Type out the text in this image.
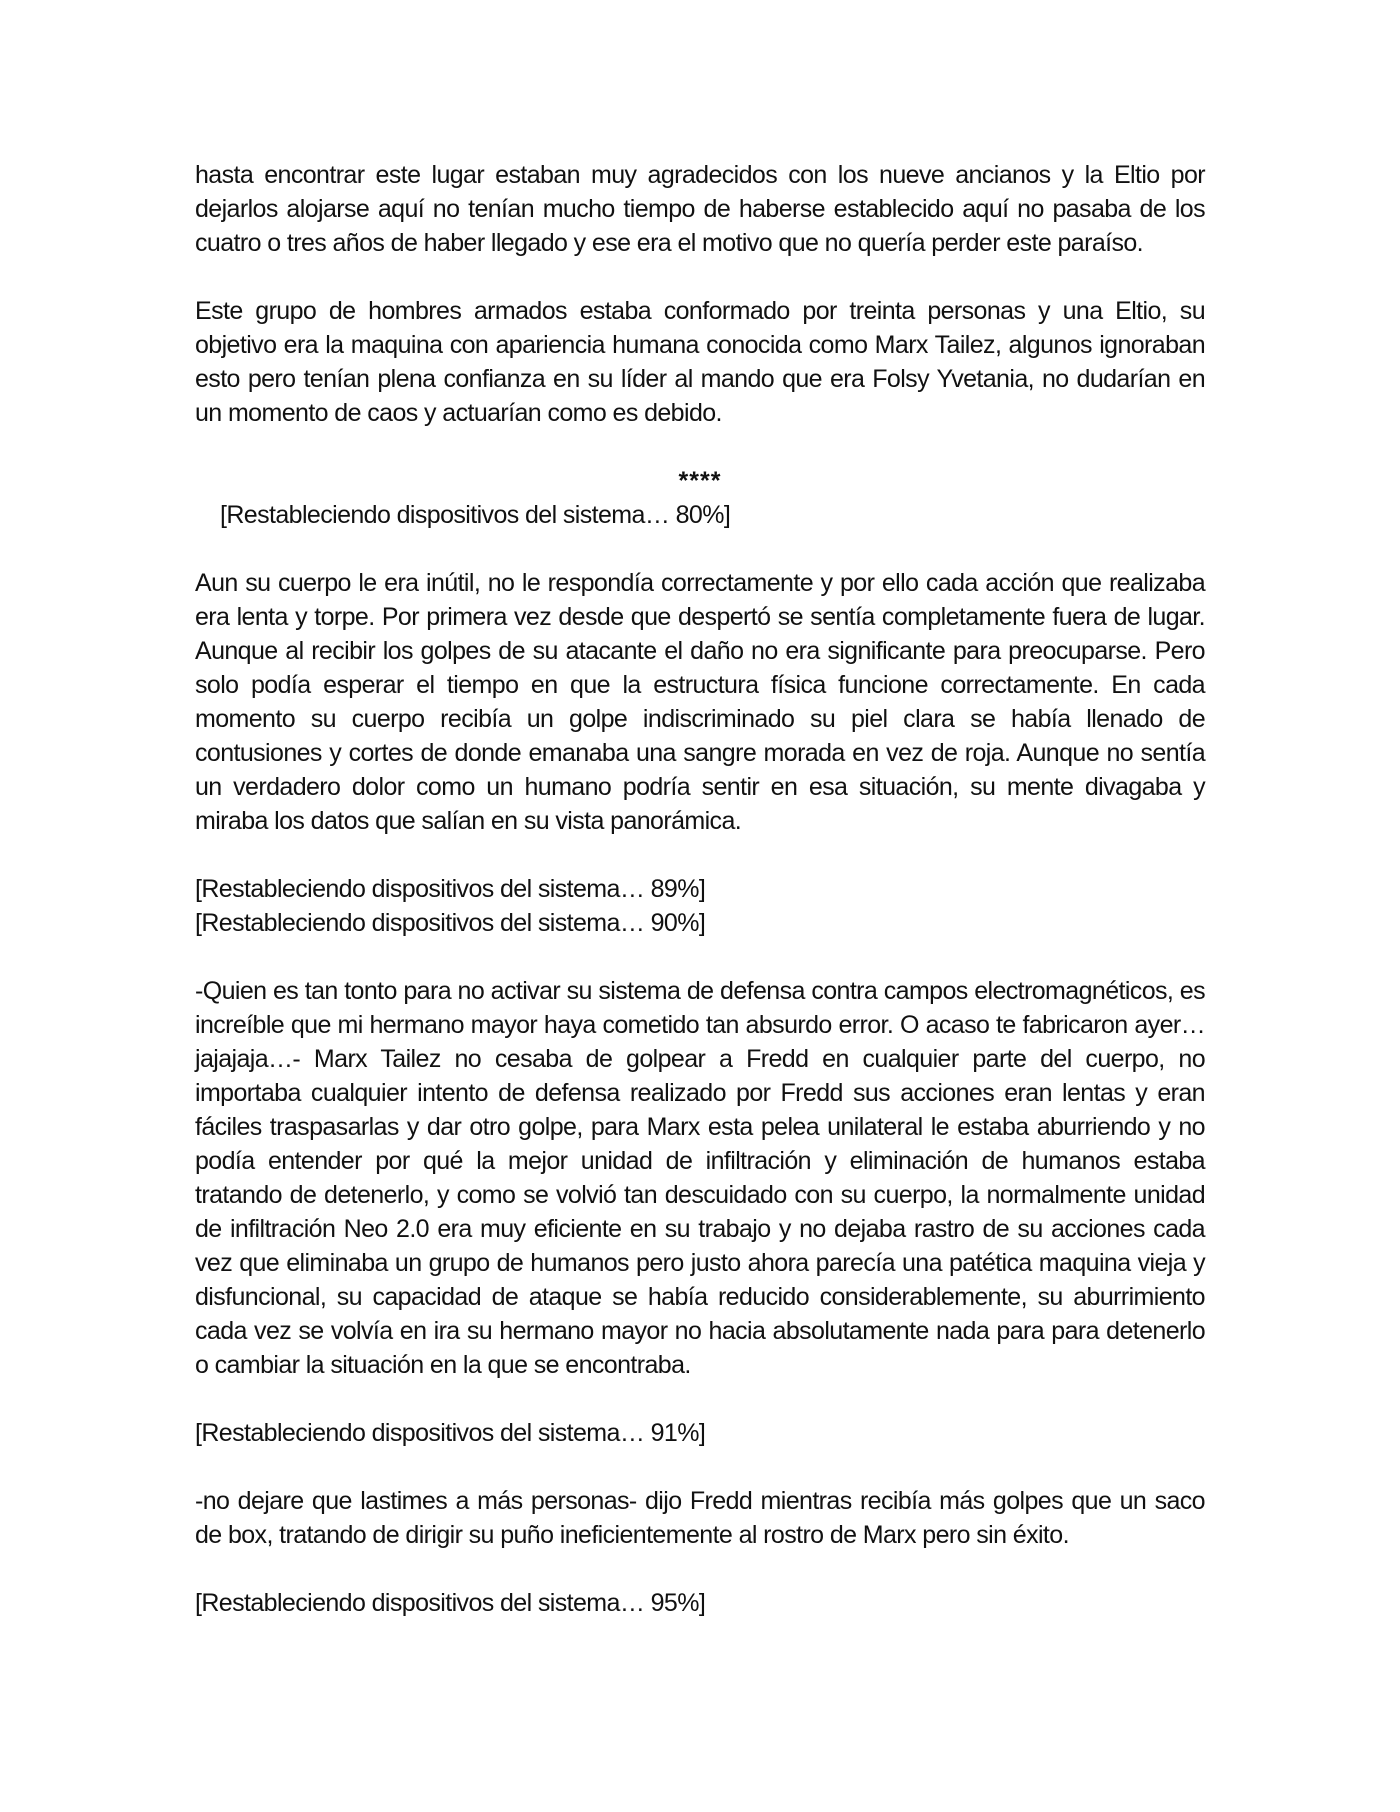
hasta encontrar este lugar estaban muy agradecidos con los nueve ancianos y la Eltio por dejarlos alojarse aquí no tenían mucho tiempo de haberse establecido aquí no pasaba de los cuatro o tres años de haber llegado y ese era el motivo que no quería perder este paraíso.

Este grupo de hombres armados estaba conformado por treinta personas y una Eltio, su objetivo era la maquina con apariencia humana conocida como Marx Tailez, algunos ignoraban esto pero tenían plena confianza en su líder al mando que era Folsy Yvetania, no dudarían en un momento de caos y actuarían como es debido.

****

[Restableciendo dispositivos del sistema… 80%]

Aun su cuerpo le era inútil, no le respondía correctamente y por ello cada acción que realizaba era lenta y torpe. Por primera vez desde que despertó se sentía completamente fuera de lugar. Aunque al recibir los golpes de su atacante el daño no era significante para preocuparse. Pero solo podía esperar el tiempo en que la estructura física funcione correctamente. En cada momento su cuerpo recibía un golpe indiscriminado su piel clara se había llenado de contusiones y cortes de donde emanaba una sangre morada en vez de roja. Aunque no sentía un verdadero dolor como un humano podría sentir en esa situación, su mente divagaba y miraba los datos que salían en su vista panorámica.

[Restableciendo dispositivos del sistema… 89%]

[Restableciendo dispositivos del sistema… 90%]

-Quien es tan tonto para no activar su sistema de defensa contra campos electromagnéticos, es increíble que mi hermano mayor haya cometido tan absurdo error. O acaso te fabricaron ayer… jajajaja…- Marx Tailez no cesaba de golpear a Fredd en cualquier parte del cuerpo, no importaba cualquier intento de defensa realizado por Fredd sus acciones eran lentas y eran fáciles traspasarlas y dar otro golpe, para Marx esta pelea unilateral le estaba aburriendo y no podía entender por qué la mejor unidad de infiltración y eliminación de humanos estaba tratando de detenerlo, y como se volvió tan descuidado con su cuerpo, la normalmente unidad de infiltración Neo 2.0 era muy eficiente en su trabajo y no dejaba rastro de su acciones cada vez que eliminaba un grupo de humanos pero justo ahora parecía una patética maquina vieja y disfuncional, su capacidad de ataque se había reducido considerablemente, su aburrimiento cada vez se volvía en ira su hermano mayor no hacia absolutamente nada para para detenerlo o cambiar la situación en la que se encontraba.

[Restableciendo dispositivos del sistema… 91%]

-no dejare que lastimes a más personas- dijo Fredd mientras recibía más golpes que un saco de box, tratando de dirigir su puño ineficientemente al rostro de Marx pero sin éxito.

[Restableciendo dispositivos del sistema… 95%]
